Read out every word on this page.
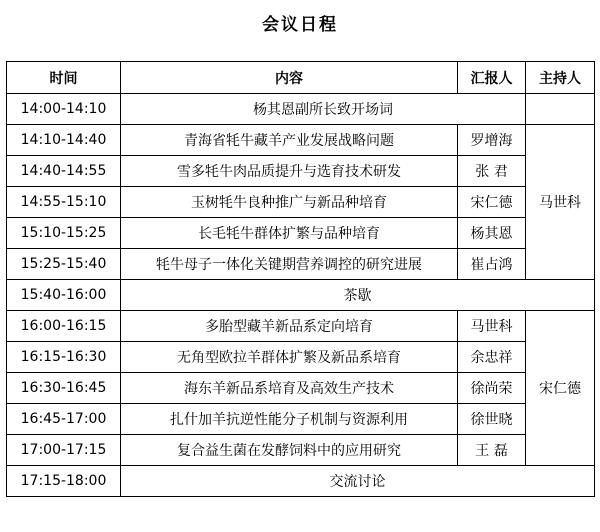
会议日程
时间	内容	汇报人	主持人
14:00-14:10	杨其恩副所长致开场词		
14:10-14:40	青海省牦牛藏羊产业发展战略问题	罗增海	马世科
14:40-14:55	雪多牦牛肉品质提升与选育技术研发	张 君	
14:55-15:10	玉树牦牛良种推广与新品种培育	宋仁德	
15:10-15:25	长毛牦牛群体扩繁与品种培育	杨其恩	
15:25-15:40	牦牛母子一体化关键期营养调控的研究进展	崔占鸿	
15:40-16:00	茶歇		
16:00-16:15	多胎型藏羊新品系定向培育	马世科	宋仁德
16:15-16:30	无角型欧拉羊群体扩繁及新品系培育	余忠祥	
16:30-16:45	海东羊新品系培育及高效生产技术	徐尚荣	
16:45-17:00	扎什加羊抗逆性能分子机制与资源利用	徐世晓	
17:00-17:15	复合益生菌在发酵饲料中的应用研究	王 磊	
17:15-18:00	交流讨论		
